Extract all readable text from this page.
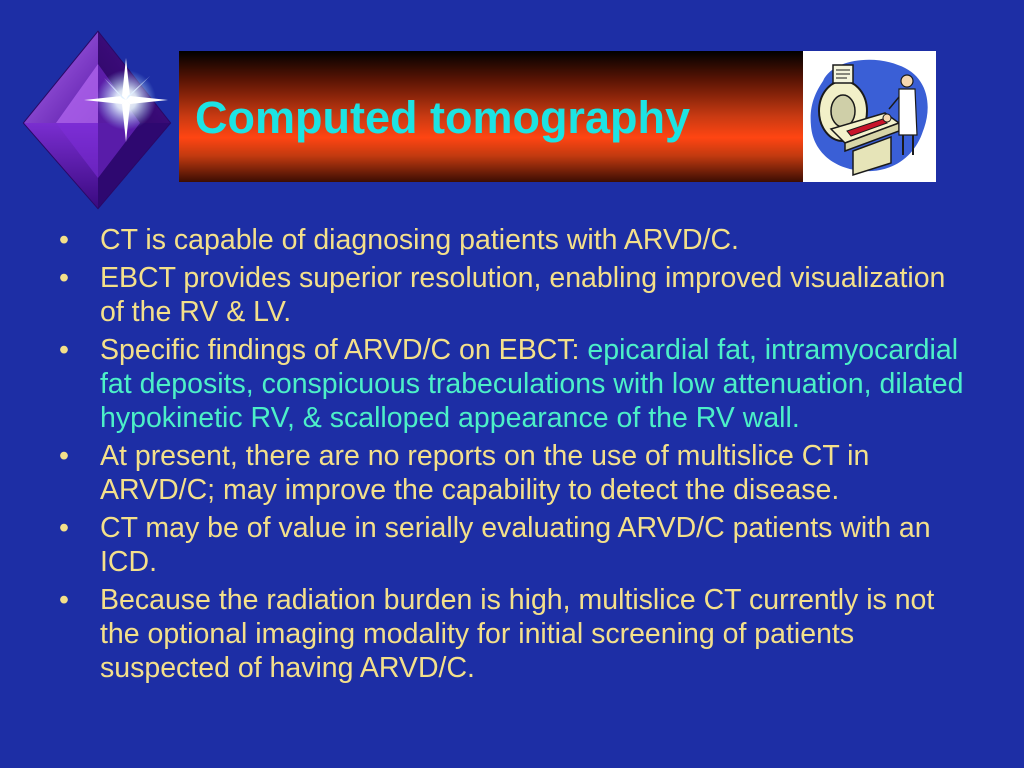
Computed tomography
• CT is capable of diagnosing patients with ARVD/C.
• EBCT provides superior resolution, enabling improved visualization of the RV & LV.
• Specific findings of ARVD/C on EBCT: epicardial fat, intramyocardial fat deposits, conspicuous trabeculations with low attenuation, dilated hypokinetic RV, & scalloped appearance of the RV wall.
• At present, there are no reports on the use of multislice CT in ARVD/C; may improve the capability to detect the disease.
• CT may be of value in serially evaluating ARVD/C patients with an ICD.
• Because the radiation burden is high, multislice CT currently is not the optional imaging modality for initial screening of patients suspected of having ARVD/C.
